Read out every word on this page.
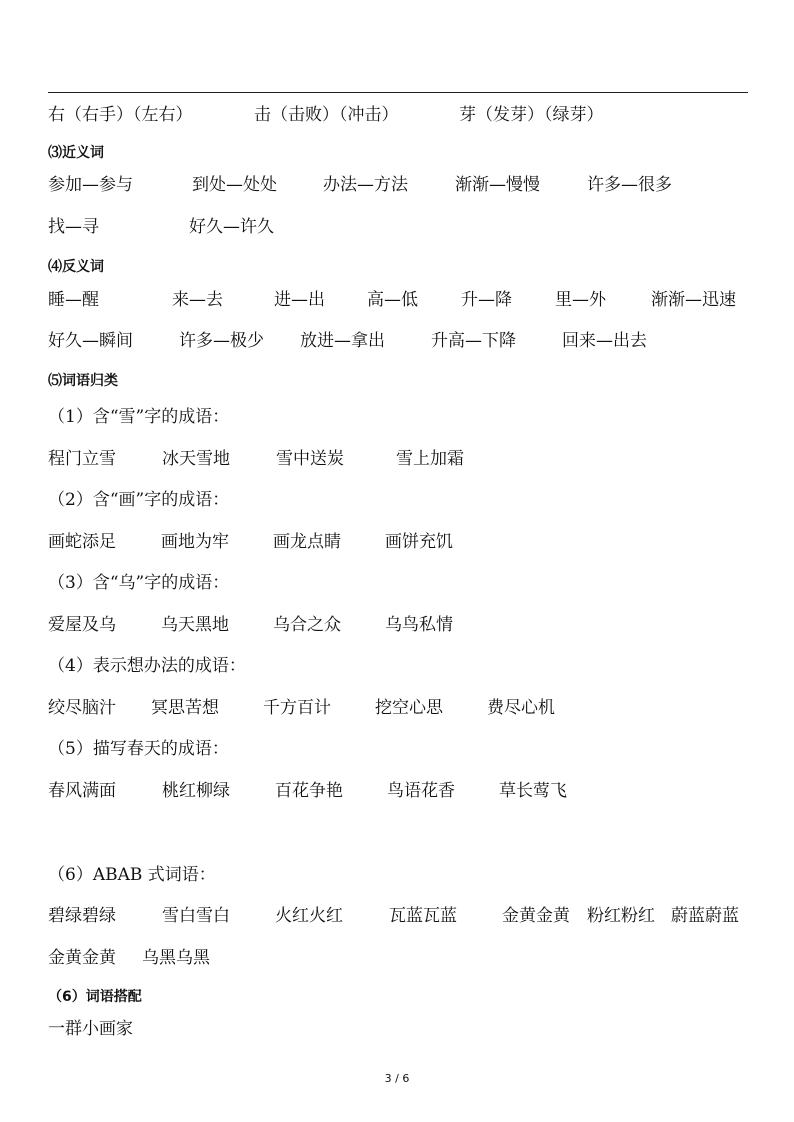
右（右手）（左右）	击（击败）（冲击）	芽（发芽）（绿芽）
⑶近义词
参加—参与	到处—处处	办法—方法	渐渐—慢慢	许多—很多
找—寻	好久—许久
⑷反义词
睡—醒	来—去	进—出 高—低	升—降	里—外	渐渐—迅速
好久—瞬间	许多—极少 放进—拿出	升高—下降	回来—出去
⑸词语归类
（1）含“雪”字的成语：
程门立雪	冰天雪地	雪中送炭	雪上加霜
（2）含“画”字的成语：
画蛇添足	画地为牢	画龙点睛	画饼充饥
（3）含“乌”字的成语：
爱屋及乌	乌天黑地	乌合之众	乌鸟私情
（4）表示想办法的成语：
绞尽脑汁 冥思苦想	千方百计	挖空心思	费尽心机
（5）描写春天的成语：
春风满面	桃红柳绿	百花争艳	鸟语花香	草长莺飞
（6）ABAB 式词语：
碧绿碧绿	雪白雪白	火红火红	瓦蓝瓦蓝	金黄金黄 粉红粉红 蔚蓝蔚蓝
金黄金黄 乌黑乌黑
（6）词语搭配
一群小画家
3 / 6
